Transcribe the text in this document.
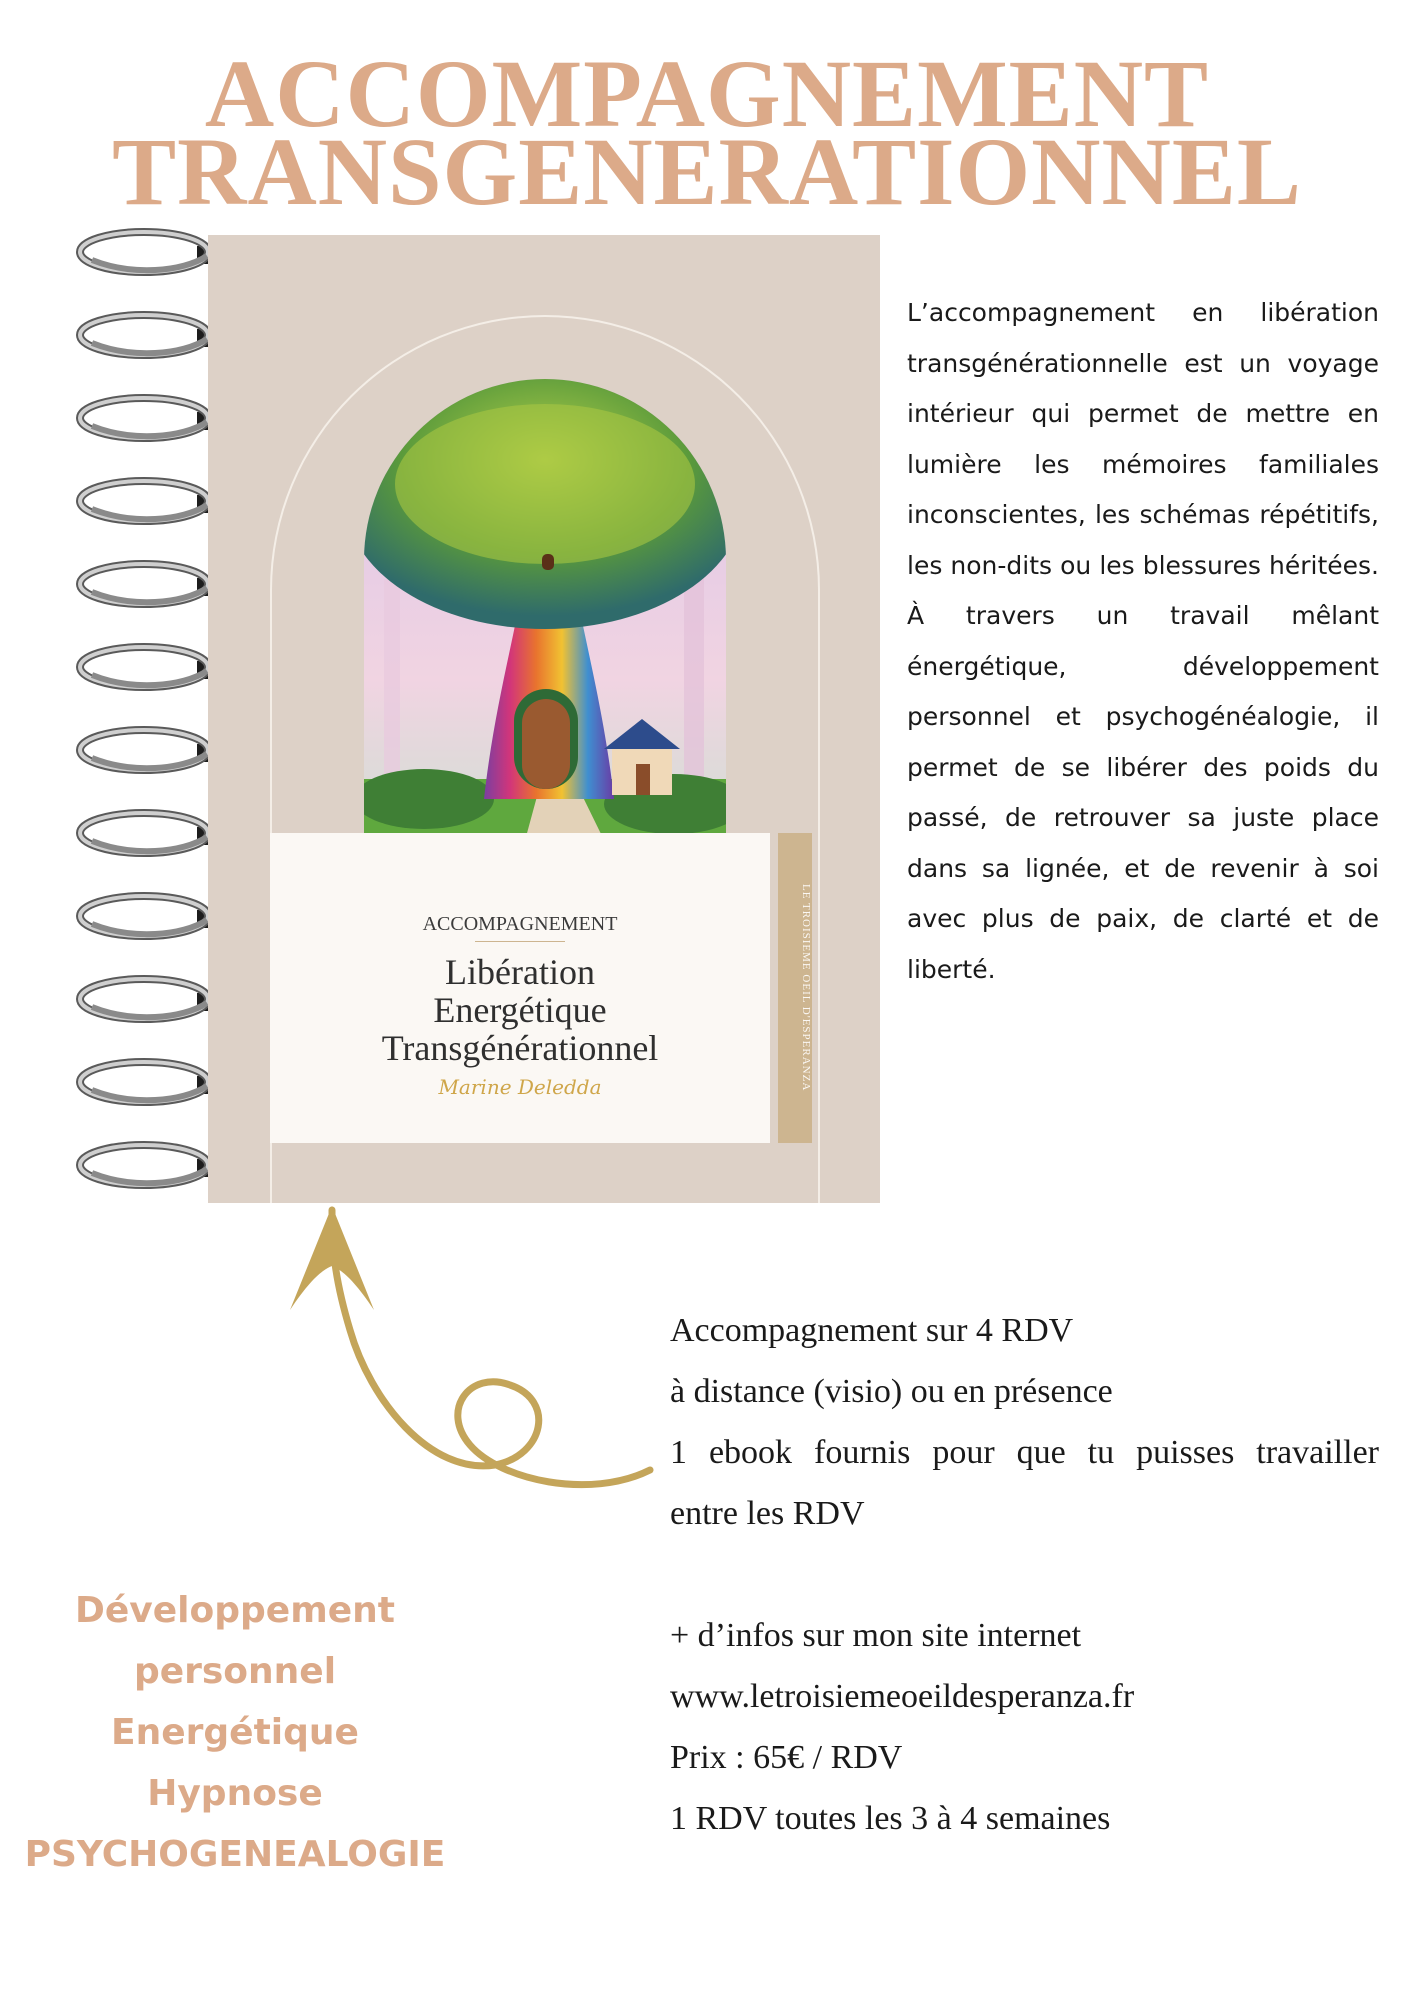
ACCOMPAGNEMENT
TRANSGENERATIONNEL
ACCOMPAGNEMENT
Libération
Energétique
Transgénérationnel
Marine Deledda	LE TROISIEME OEIL D'ESPERANZA

L’accompagnement en libération transgénérationnelle est un voyage intérieur qui permet de mettre en lumière les mémoires familiales inconscientes, les schémas répétitifs, les non-dits ou les blessures héritées. À travers un travail mêlant énergétique, développement personnel et psychogénéalogie, il permet de se libérer des poids du passé, de retrouver sa juste place dans sa lignée, et de revenir à soi avec plus de paix, de clarté et de liberté.

Accompagnement sur 4 RDV
à distance (visio) ou en présence
1 ebook fournis pour que tu puisses travailler
entre les RDV
+ d’infos sur mon site internet
www.letroisiemeoeildesperanza.fr
Prix : 65€ / RDV
1 RDV toutes les 3 à 4 semaines
Développement
personnel
Energétique
Hypnose
PSYCHOGENEALOGIE
